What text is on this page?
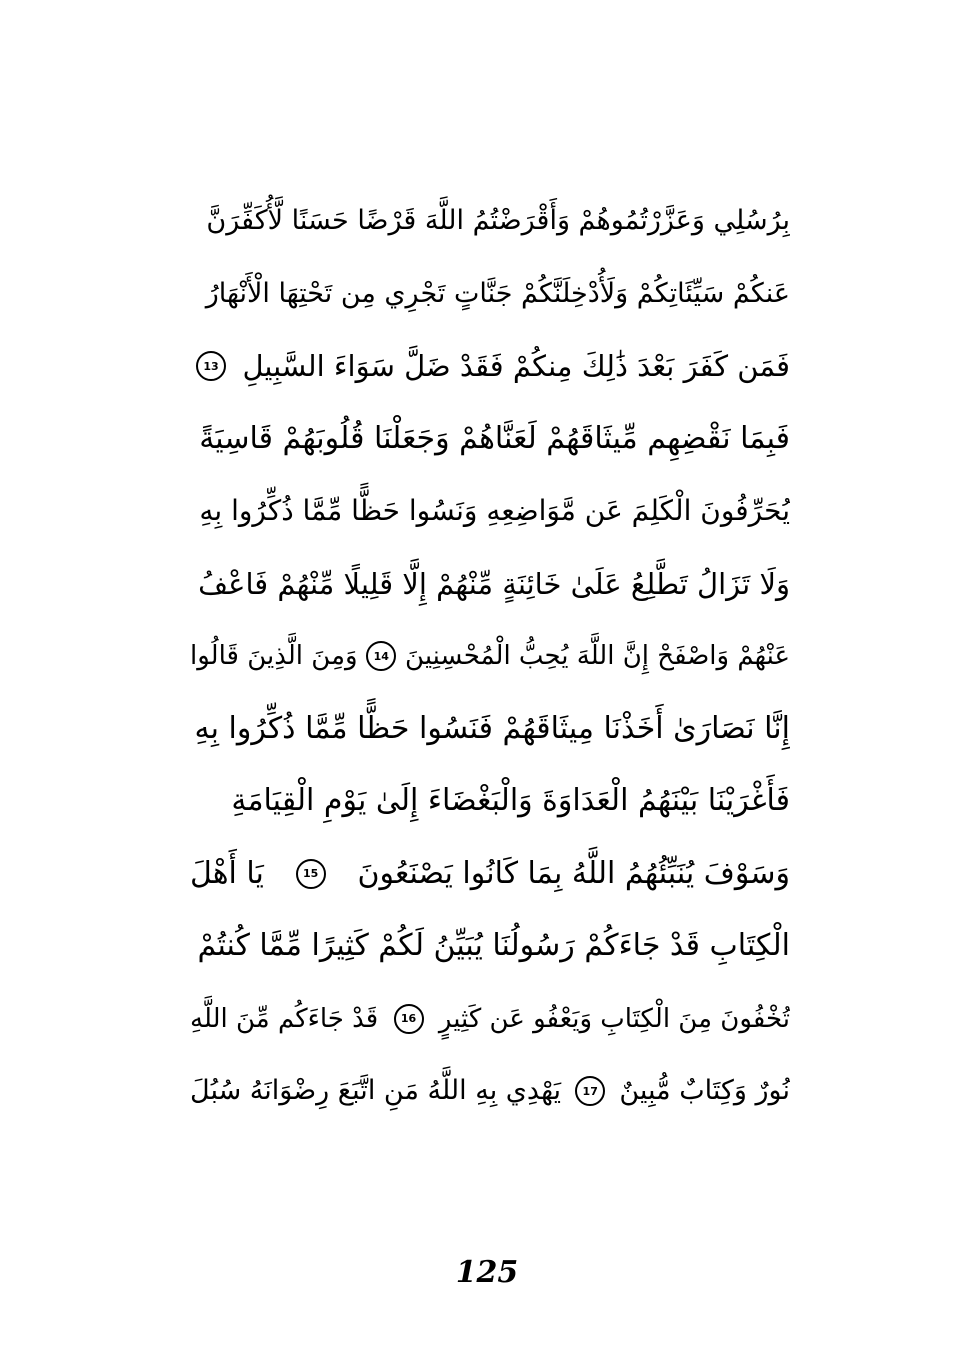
بِرُسُلِي وَعَزَّرْتُمُوهُمْ وَأَقْرَضْتُمُ اللَّهَ قَرْضًا حَسَنًا لَّأُكَفِّرَنَّ
عَنكُمْ سَيِّئَاتِكُمْ وَلَأُدْخِلَنَّكُمْ جَنَّاتٍ تَجْرِي مِن تَحْتِهَا الْأَنْهَارُ
فَمَن كَفَرَ بَعْدَ ذَٰلِكَ مِنكُمْ فَقَدْ ضَلَّ سَوَاءَ السَّبِيلِ
13
فَبِمَا نَقْضِهِم مِّيثَاقَهُمْ لَعَنَّاهُمْ وَجَعَلْنَا قُلُوبَهُمْ قَاسِيَةً
يُحَرِّفُونَ الْكَلِمَ عَن مَّوَاضِعِهِ وَنَسُوا حَظًّا مِّمَّا ذُكِّرُوا بِهِ
وَلَا تَزَالُ تَطَّلِعُ عَلَىٰ خَائِنَةٍ مِّنْهُمْ إِلَّا قَلِيلًا مِّنْهُمْ فَاعْفُ
عَنْهُمْ وَاصْفَحْ إِنَّ اللَّهَ يُحِبُّ الْمُحْسِنِينَ
14
وَمِنَ الَّذِينَ قَالُوا
إِنَّا نَصَارَىٰ أَخَذْنَا مِيثَاقَهُمْ فَنَسُوا حَظًّا مِّمَّا ذُكِّرُوا بِهِ
فَأَغْرَيْنَا بَيْنَهُمُ الْعَدَاوَةَ وَالْبَغْضَاءَ إِلَىٰ يَوْمِ الْقِيَامَةِ
وَسَوْفَ يُنَبِّئُهُمُ اللَّهُ بِمَا كَانُوا يَصْنَعُونَ
15
يَا أَهْلَ
الْكِتَابِ قَدْ جَاءَكُمْ رَسُولُنَا يُبَيِّنُ لَكُمْ كَثِيرًا مِّمَّا كُنتُمْ
تُخْفُونَ مِنَ الْكِتَابِ وَيَعْفُو عَن كَثِيرٍ
16
قَدْ جَاءَكُم مِّنَ اللَّهِ
نُورٌ وَكِتَابٌ مُّبِينٌ
17
يَهْدِي بِهِ اللَّهُ مَنِ اتَّبَعَ رِضْوَانَهُ سُبُلَ
125
